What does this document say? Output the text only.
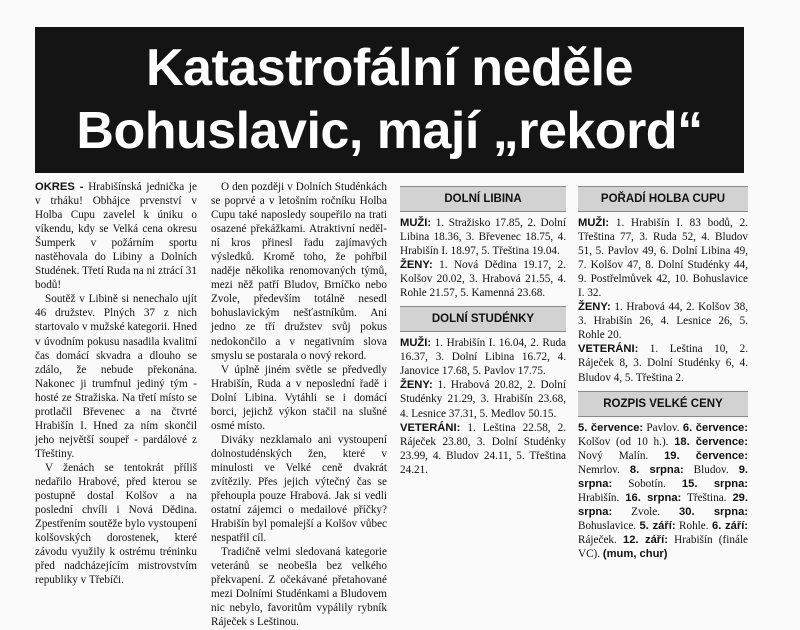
Katastrofální neděle
Bohuslavic, mají „rekord“

OKRES - Hrabišínská jednička je v trháku! Obhájce prvenství v Holba Cupu zavelel k úniku o víkendu, kdy se Velká cena okresu Šumperk v požárním sportu nastěhovala do Libiny a Dolních Studének. Třetí Ruda na ni ztrácí 31 bodů!

Soutěž v Libině si nenechalo ujít 46 družstev. Plných 37 z nich startovalo v mužské kategorii. Hned v úvodním pokusu nasadila kvalitní čas domácí skvadra a dlouho se zdálo, že nebude překonána. Nakonec ji trumfnul jediný tým - hosté ze Stražiska. Na třetí místo se protlačil Břevenec a na čtvrté Hrabišín I. Hned za ním skončil jeho největší soupeř - pardálové z Třeštiny.

V ženách se tentokrát příliš nedařilo Hrabové, před kterou se postupně dostal Kolšov a na poslední chvíli i Nová Dědina. Zpestřením soutěže bylo vystoupení kolšovských dorostenek, které závodu využily k ostrému tréninku před nadcházejícím mistrovstvím republiky v Třebíči.

O den později v Dolních Studénkách se poprvé a v letošním ročníku Holba Cupu také naposledy soupeřilo na trati osazené překážkami. Atraktivní nedělní kros přinesl řadu zajímavých výsledků. Kromě toho, že pohřbil naděje několika renomovaných týmů, mezi něž patří Bludov, Brníčko nebo Zvole, především totálně nesedl bohuslavickým nešťastníkům. Ani jedno ze tří družstev svůj pokus nedokončilo a v negativním slova smyslu se postarala o nový rekord.

V úplně jiném světle se předvedly Hrabišín, Ruda a v neposlední řadě i Dolní Libina. Vytáhli se i domácí borci, jejichž výkon stačil na slušné osmé místo.

Diváky nezklamalo ani vystoupení dolnostudénských žen, které v minulosti ve Velké ceně dvakrát zvítězily. Přes jejich výtečný čas se přehoupla pouze Hrabová. Jak si vedli ostatní zájemci o medailové příčky? Hrabišín byl pomalejší a Kolšov vůbec nespatřil cíl.

Tradičně velmi sledovaná kategorie veteránů se neobešla bez velkého překvapení. Z očekávané přetahované mezi Dolními Studénkami a Bludovem nic nebylo, favoritům vypálily rybník Ráječek s Leštinou.

DOLNÍ LIBINA

MUŽI: 1. Stražisko 17.85, 2. Dolní Libina 18.36, 3. Břevenec 18.75, 4. Hrabišín I. 18.97, 5. Třeština 19.04.

ŽENY: 1. Nová Dědina 19.17, 2. Kolšov 20.02, 3. Hrabová 21.55, 4. Rohle 21.57, 5. Kamenná 23.68.

DOLNÍ STUDÉNKY

MUŽI: 1. Hrabišín I. 16.04, 2. Ruda 16.37, 3. Dolní Libina 16.72, 4. Janovice 17.68, 5. Pavlov 17.75.

ŽENY: 1. Hrabová 20.82, 2. Dolní Studénky 21.29, 3. Hrabišín 23.68, 4. Lesnice 37.31, 5. Medlov 50.15.

VETERÁNI: 1. Leština 22.58, 2. Ráječek 23.80, 3. Dolní Studénky 23.99, 4. Bludov 24.11, 5. Třeština 24.21.

POŘADÍ HOLBA CUPU

MUŽI: 1. Hrabišín I. 83 bodů, 2. Třeština 77, 3. Ruda 52, 4. Bludov 51, 5. Pavlov 49, 6. Dolní Libina 49, 7. Kolšov 47, 8. Dolní Studénky 44, 9. Postřelmůvek 42, 10. Bohuslavice I. 32.

ŽENY: 1. Hrabová 44, 2. Kolšov 38, 3. Hrabišín 26, 4. Lesnice 26, 5. Rohle 20.

VETERÁNI: 1. Leština 10, 2. Ráječek 8, 3. Dolní Studénky 6, 4. Bludov 4, 5. Třeština 2.

ROZPIS VELKÉ CENY

5. července: Pavlov. 6. července: Kolšov (od 10 h.). 18. července: Nový Malín. 19. července: Nemrlov. 8. srpna: Bludov. 9. srpna: Sobotín. 15. srpna: Hrabišín. 16. srpna: Třeština. 29. srpna: Zvole. 30. srpna: Bohuslavice. 5. září: Rohle. 6. září: Ráječek. 12. září: Hrabišín (finále VC). (mum, chur)
